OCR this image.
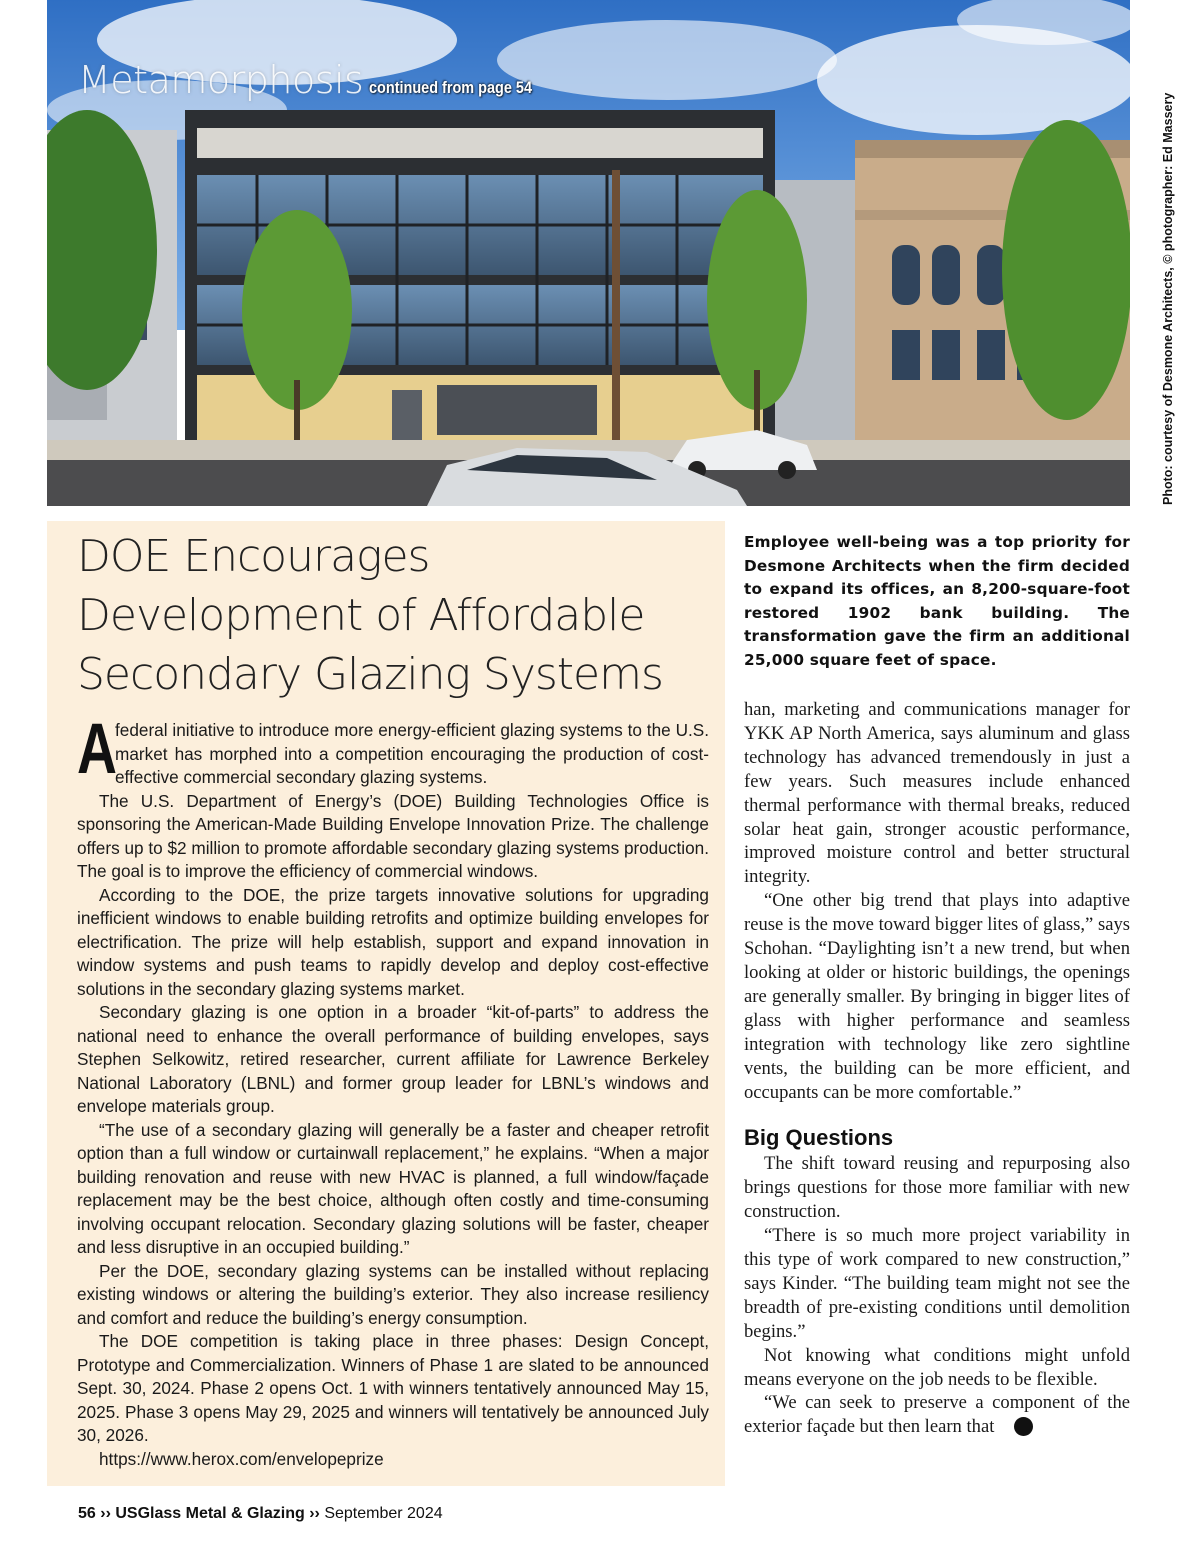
Metamorphosis continued from page 54
Photo: courtesy of Desmone Architects, © photographer: Ed Massery
DOE Encourages Development of Affordable Secondary Glazing Systems

A
federal initiative to introduce more energy-efficient glazing systems to the U.S. market has morphed into a competition encouraging the production of cost-effective commercial secondary glazing systems.

The U.S. Department of Energy’s (DOE) Building Technologies Office is sponsoring the American-Made Building Envelope Innovation Prize. The challenge offers up to $2 million to promote affordable secondary glazing systems production. The goal is to improve the efficiency of commercial windows.

According to the DOE, the prize targets innovative solutions for upgrading inefficient windows to enable building retrofits and optimize building envelopes for electrification. The prize will help establish, support and expand innovation in window systems and push teams to rapidly develop and deploy cost-effective solutions in the secondary glazing systems market.

Secondary glazing is one option in a broader “kit-of-parts” to address the national need to enhance the overall performance of building envelopes, says Stephen Selkowitz, retired researcher, current affiliate for Lawrence Berkeley National Laboratory (LBNL) and former group leader for LBNL’s windows and envelope materials group.

“The use of a secondary glazing will generally be a faster and cheaper retrofit option than a full window or curtainwall replacement,” he explains. “When a major building renovation and reuse with new HVAC is planned, a full window/façade replacement may be the best choice, although often costly and time-consuming involving occupant relocation. Secondary glazing solutions will be faster, cheaper and less disruptive in an occupied building.”

Per the DOE, secondary glazing systems can be installed without replacing existing windows or altering the building’s exterior. They also increase resiliency and comfort and reduce the building’s energy consumption.

The DOE competition is taking place in three phases: Design Concept, Prototype and Commercialization. Winners of Phase 1 are slated to be announced Sept. 30, 2024. Phase 2 opens Oct. 1 with winners tentatively announced May 15, 2025. Phase 3 opens May 29, 2025 and winners will tentatively be announced July 30, 2026.

https://www.herox.com/envelopeprize

Employee well-being was a top priority for Desmone Architects when the firm decided to expand its offices, an 8,200-square-foot restored 1902 bank building. The transformation gave the firm an additional 25,000 square feet of space.

han, marketing and communications manager for YKK AP North America, says aluminum and glass technology has advanced tremendously in just a few years. Such measures include enhanced thermal performance with thermal breaks, reduced solar heat gain, stronger acoustic performance, improved moisture control and better structural integrity.

“One other big trend that plays into adaptive reuse is the move toward bigger lites of glass,” says Schohan. “Daylighting isn’t a new trend, but when looking at older or historic buildings, the openings are generally smaller. By bringing in bigger lites of glass with higher performance and seamless integration with technology like zero sightline vents, the building can be more efficient, and occupants can be more comfortable.”

Big Questions

The shift toward reusing and repurposing also brings questions for those more familiar with new construction.

“There is so much more project variability in this type of work compared to new construction,” says Kinder. “The building team might not see the breadth of pre-existing conditions until demolition begins.”

Not knowing what conditions might unfold means everyone on the job needs to be flexible.

“We can seek to preserve a component of the exterior façade but then learn that	➜

56 ›› USGlass Metal & Glazing ›› September 2024
